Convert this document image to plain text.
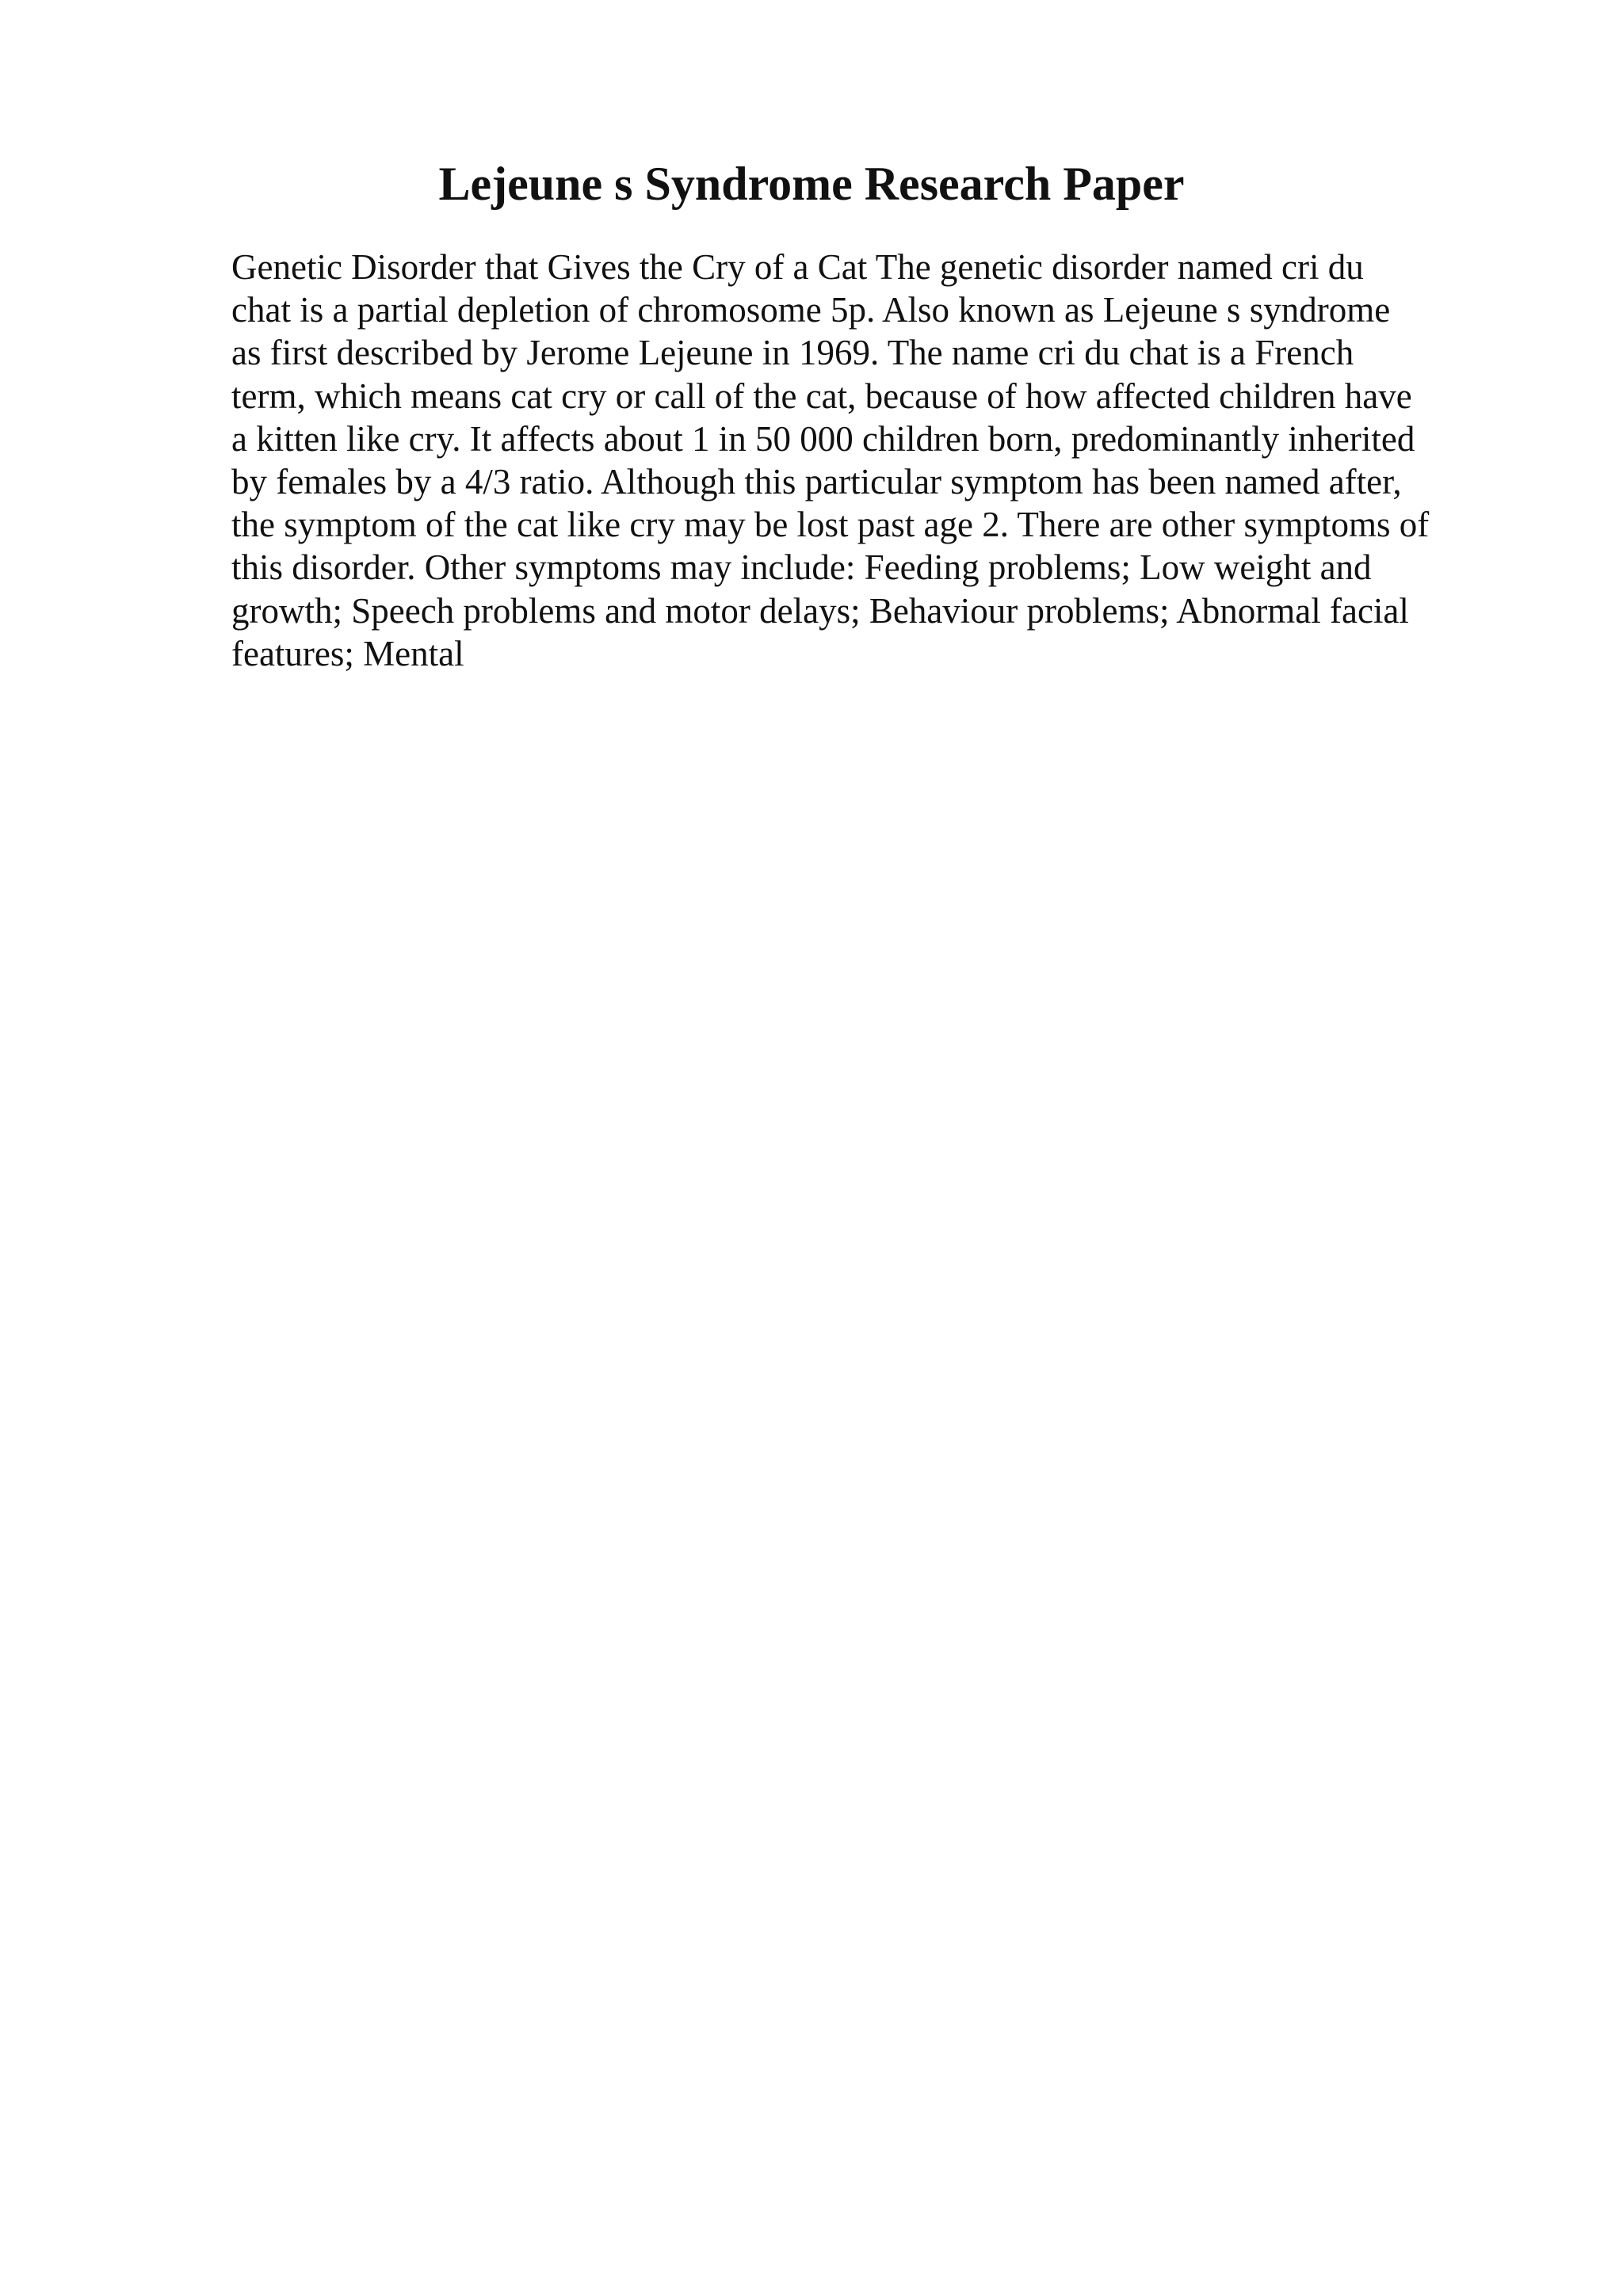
Lejeune s Syndrome Research Paper
Genetic Disorder that Gives the Cry of a Cat The genetic disorder named cri du
chat is a partial depletion of chromosome 5p. Also known as Lejeune s syndrome
as first described by Jerome Lejeune in 1969. The name cri du chat is a French
term, which means cat cry or call of the cat, because of how affected children have
a kitten like cry. It affects about 1 in 50 000 children born, predominantly inherited
by females by a 4/3 ratio. Although this particular symptom has been named after,
the symptom of the cat like cry may be lost past age 2. There are other symptoms of
this disorder. Other symptoms may include: Feeding problems; Low weight and
growth; Speech problems and motor delays; Behaviour problems; Abnormal facial
features; Mental
